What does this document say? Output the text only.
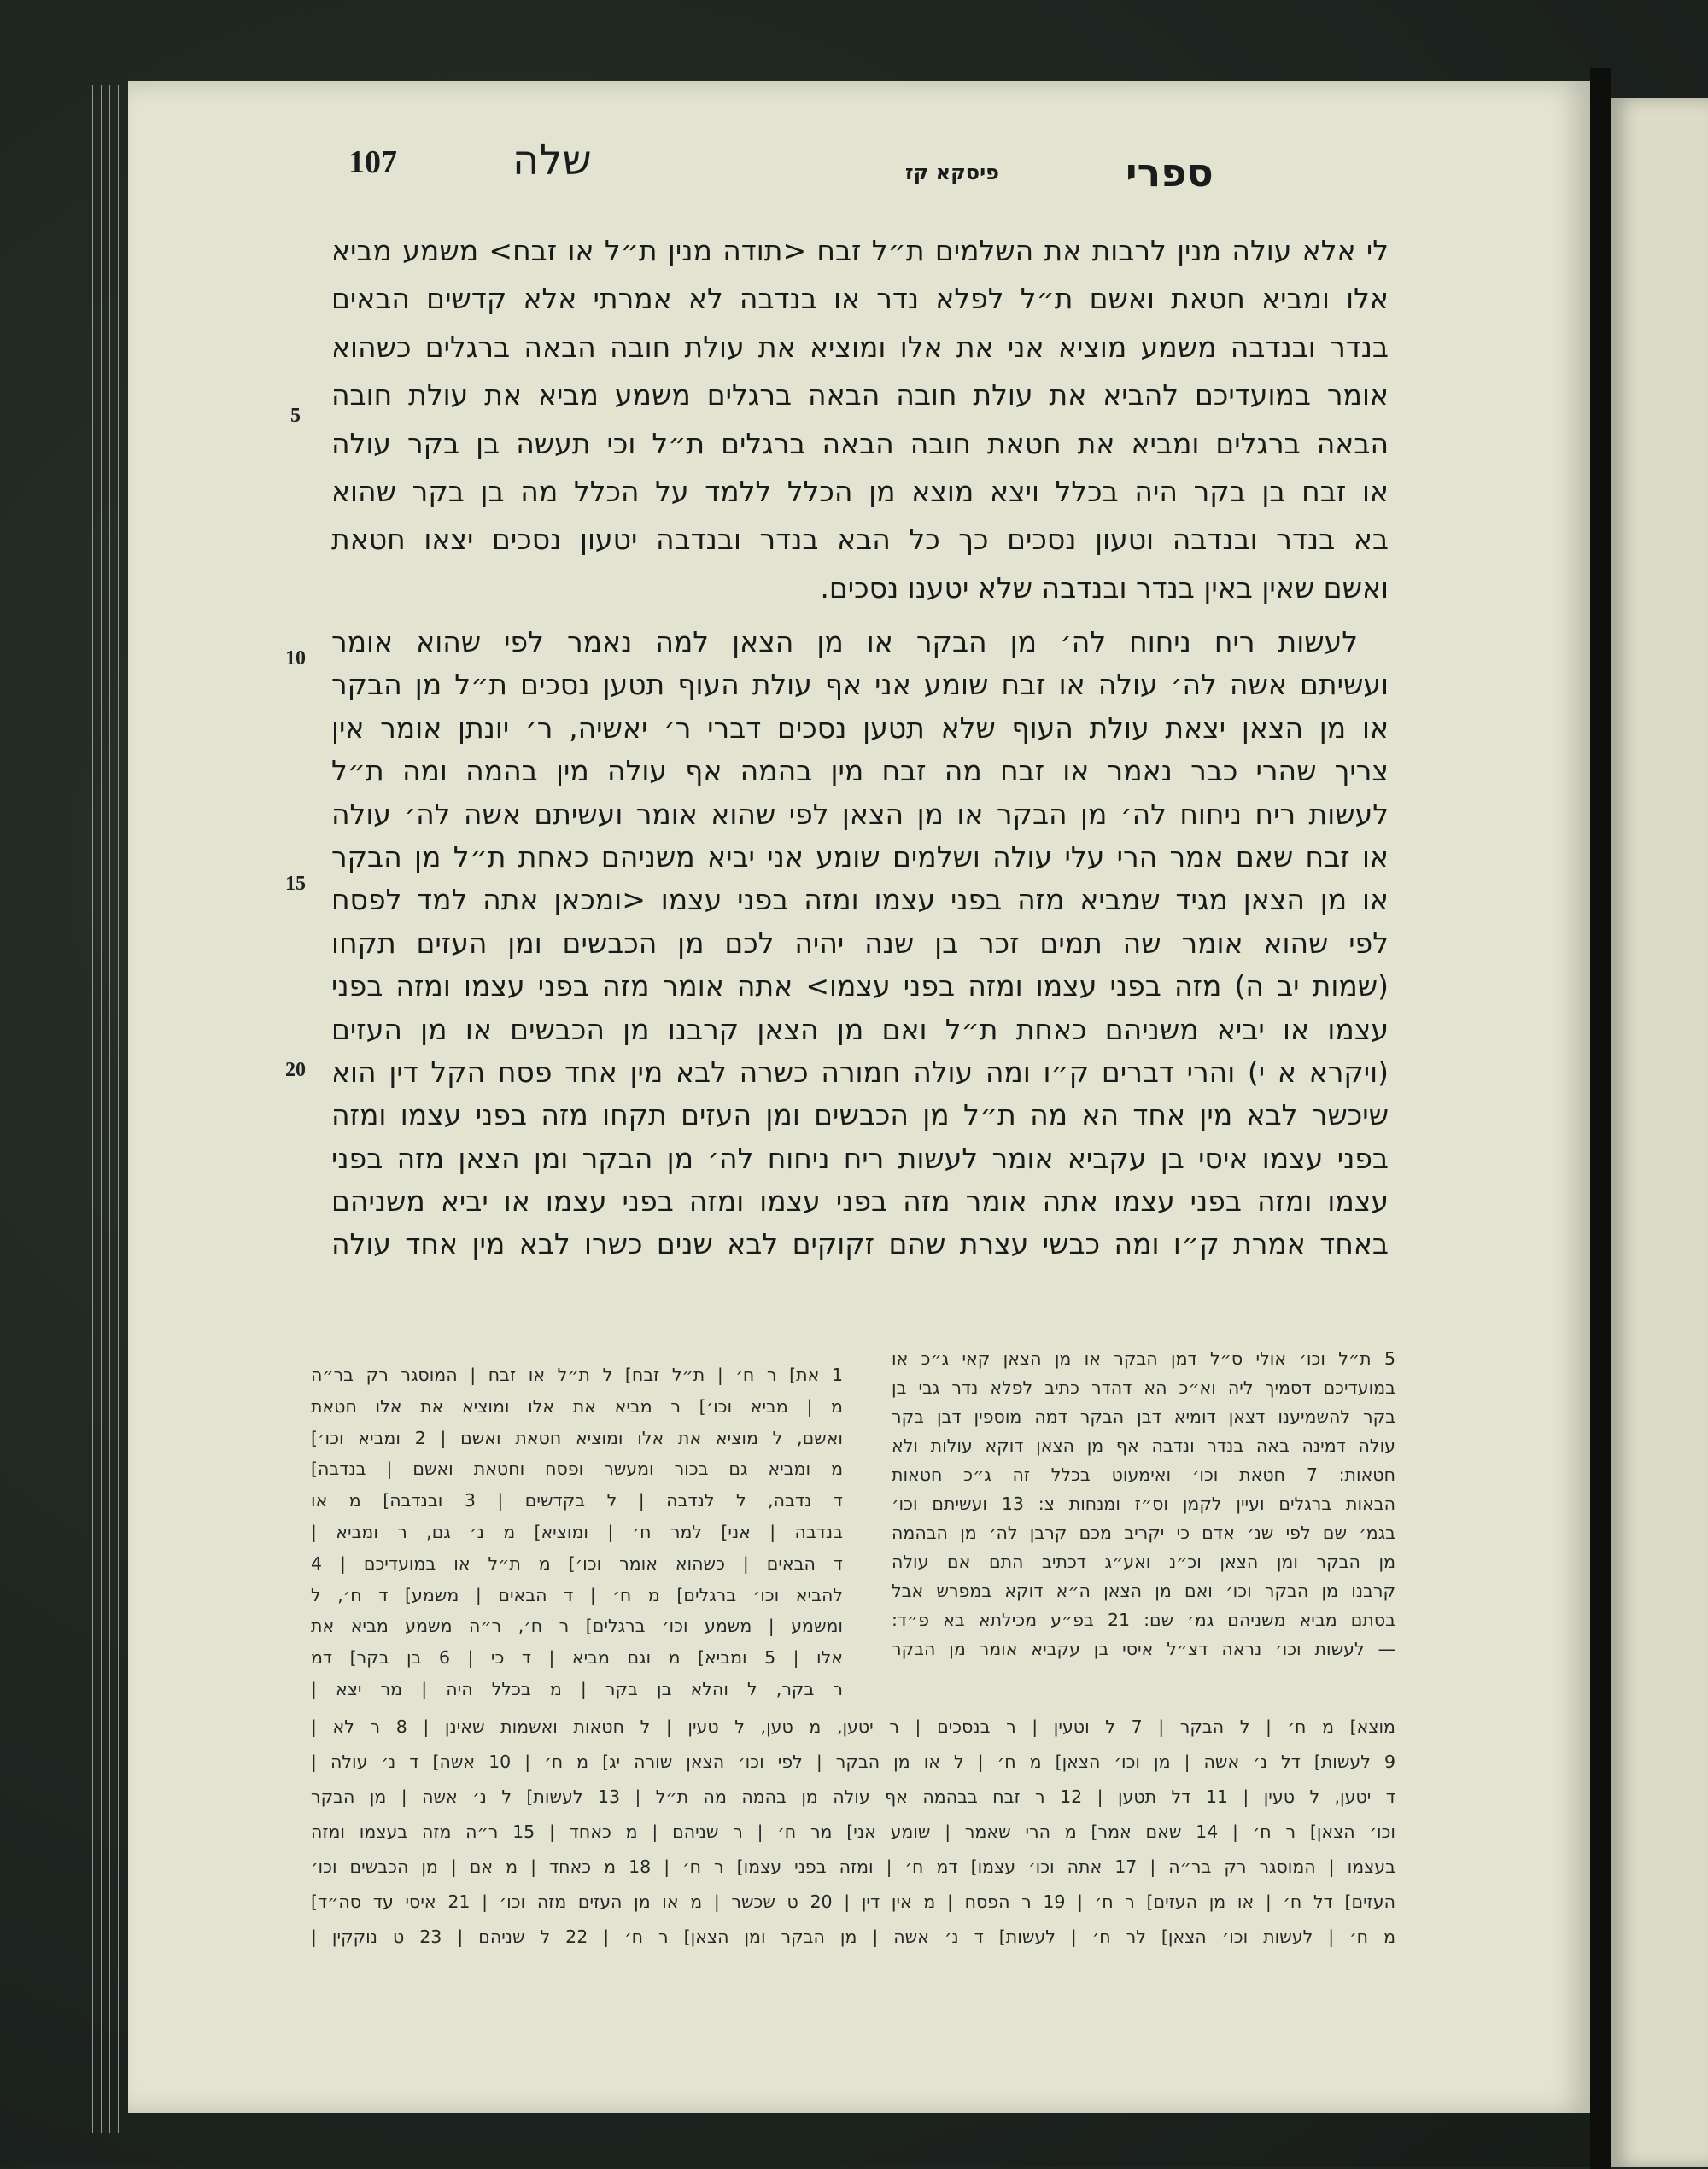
107	שלה	פיסקא קז	ספרי
5
10
15
20
לי אלא עולה מנין לרבות את השלמים ת״ל זבח <תודה מנין ת״ל או זבח> משמע מביא
אלו ומביא חטאת ואשם ת״ל לפלא נדר או בנדבה לא אמרתי אלא קדשים הבאים
בנדר ובנדבה משמע מוציא אני את אלו ומוציא את עולת חובה הבאה ברגלים כשהוא
אומר במועדיכם להביא את עולת חובה הבאה ברגלים משמע מביא את עולת חובה
הבאה ברגלים ומביא את חטאת חובה הבאה ברגלים ת״ל וכי תעשה בן בקר עולה
או זבח בן בקר היה בכלל ויצא מוצא מן הכלל ללמד על הכלל מה בן בקר שהוא
בא בנדר ובנדבה וטעון נסכים כך כל הבא בנדר ובנדבה יטעון נסכים יצאו חטאת
ואשם שאין באין בנדר ובנדבה שלא יטענו נסכים.
לעשות ריח ניחוח לה׳ מן הבקר או מן הצאן למה נאמר לפי שהוא אומר
ועשיתם אשה לה׳ עולה או זבח שומע אני אף עולת העוף תטען נסכים ת״ל מן הבקר
או מן הצאן יצאת עולת העוף שלא תטען נסכים דברי ר׳ יאשיה, ר׳ יונתן אומר אין
צריך שהרי כבר נאמר או זבח מה זבח מין בהמה אף עולה מין בהמה ומה ת״ל
לעשות ריח ניחוח לה׳ מן הבקר או מן הצאן לפי שהוא אומר ועשיתם אשה לה׳ עולה
או זבח שאם אמר הרי עלי עולה ושלמים שומע אני יביא משניהם כאחת ת״ל מן הבקר
או מן הצאן מגיד שמביא מזה בפני עצמו ומזה בפני עצמו <ומכאן אתה למד לפסח
לפי שהוא אומר שה תמים זכר בן שנה יהיה לכם מן הכבשים ומן העזים תקחו
(שמות יב ה) מזה בפני עצמו ומזה בפני עצמו> אתה אומר מזה בפני עצמו ומזה בפני
עצמו או יביא משניהם כאחת ת״ל ואם מן הצאן קרבנו מן הכבשים או מן העזים
(ויקרא א י) והרי דברים ק״ו ומה עולה חמורה כשרה לבא מין אחד פסח הקל דין הוא
שיכשר לבא מין אחד הא מה ת״ל מן הכבשים ומן העזים תקחו מזה בפני עצמו ומזה
בפני עצמו איסי בן עקביא אומר לעשות ריח ניחוח לה׳ מן הבקר ומן הצאן מזה בפני
עצמו ומזה בפני עצמו אתה אומר מזה בפני עצמו ומזה בפני עצמו או יביא משניהם
באחד אמרת ק״ו ומה כבשי עצרת שהם זקוקים לבא שנים כשרו לבא מין אחד עולה
5 ת״ל וכו׳ אולי ס״ל דמן הבקר או מן הצאן קאי ג״כ או
במועדיכם דסמיך ליה וא״כ הא דהדר כתיב לפלא נדר גבי בן
בקר להשמיענו דצאן דומיא דבן הבקר דמה מוספין דבן בקר
עולה דמינה באה בנדר ונדבה אף מן הצאן דוקא עולות ולא
חטאות: 7 חטאת וכו׳ ואימעוט בכלל זה ג״כ חטאות
הבאות ברגלים ועיין לקמן וס״ז ומנחות צ: 13 ועשיתם וכו׳
בגמ׳ שם לפי שנ׳ אדם כי יקריב מכם קרבן לה׳ מן הבהמה
מן הבקר ומן הצאן וכ״נ ואע״ג דכתיב התם אם עולה
קרבנו מן הבקר וכו׳ ואם מן הצאן ה״א דוקא במפרש אבל
בסתם מביא משניהם גמ׳ שם: 21 בפ״ע מכילתא בא פ״ד:
— לעשות וכו׳ נראה דצ״ל איסי בן עקביא אומר מן הבקר
1 את] ר ח׳ | ת״ל זבח] ל ת״ל או זבח | המוסגר רק בר״ה
מ | מביא וכו׳] ר מביא את אלו ומוציא את אלו חטאת
ואשם, ל מוציא את אלו ומוציא חטאת ואשם | 2 ומביא וכו׳]
מ ומביא גם בכור ומעשר ופסח וחטאת ואשם | בנדבה]
ד נדבה, ל לנדבה | ל בקדשים | 3 ובנדבה] מ או
בנדבה | אני] למר ח׳ | ומוציא] מ נ׳ גם, ר ומביא |
ד הבאים | כשהוא אומר וכו׳] מ ת״ל או במועדיכם | 4
להביא וכו׳ ברגלים] מ ח׳ | ד הבאים | משמע] ד ח׳, ל
ומשמע | משמע וכו׳ ברגלים] ר ח׳, ר״ה משמע מביא את
אלו | 5 ומביא] מ וגם מביא | ד כי | 6 בן בקר] דמ
ר בקר, ל והלא בן בקר | מ בכלל היה | מר יצא |
מוצא] מ ח׳ | ל הבקר | 7 ל וטעין | ר בנסכים | ר יטען, מ טען, ל טעין | ל חטאות ואשמות שאינן | 8 ר לא |
9 לעשות] דל נ׳ אשה | מן וכו׳ הצאן] מ ח׳ | ל או מן הבקר | לפי וכו׳ הצאן שורה יג] מ ח׳ | 10 אשה] ד נ׳ עולה |
ד יטען, ל טעין | 11 דל תטען | 12 ר זבח בבהמה אף עולה מן בהמה מה ת״ל | 13 לעשות] ל נ׳ אשה | מן הבקר
וכו׳ הצאן] ר ח׳ | 14 שאם אמר] מ הרי שאמר | שומע אני] מר ח׳ | ר שניהם | מ כאחד | 15 ר״ה מזה בעצמו ומזה
בעצמו | המוסגר רק בר״ה | 17 אתה וכו׳ עצמו] דמ ח׳ | ומזה בפני עצמו] ר ח׳ | 18 מ כאחד | מ אם | מן הכבשים וכו׳
העזים] דל ח׳ | או מן העזים] ר ח׳ | 19 ר הפסח | מ אין דין | 20 ט שכשר | מ או מן העזים מזה וכו׳ | 21 איסי עד סה״ד]
מ ח׳ | לעשות וכו׳ הצאן] לר ח׳ | לעשות] ד נ׳ אשה | מן הבקר ומן הצאן] ר ח׳ | 22 ל שניהם | 23 ט נוקקין |
